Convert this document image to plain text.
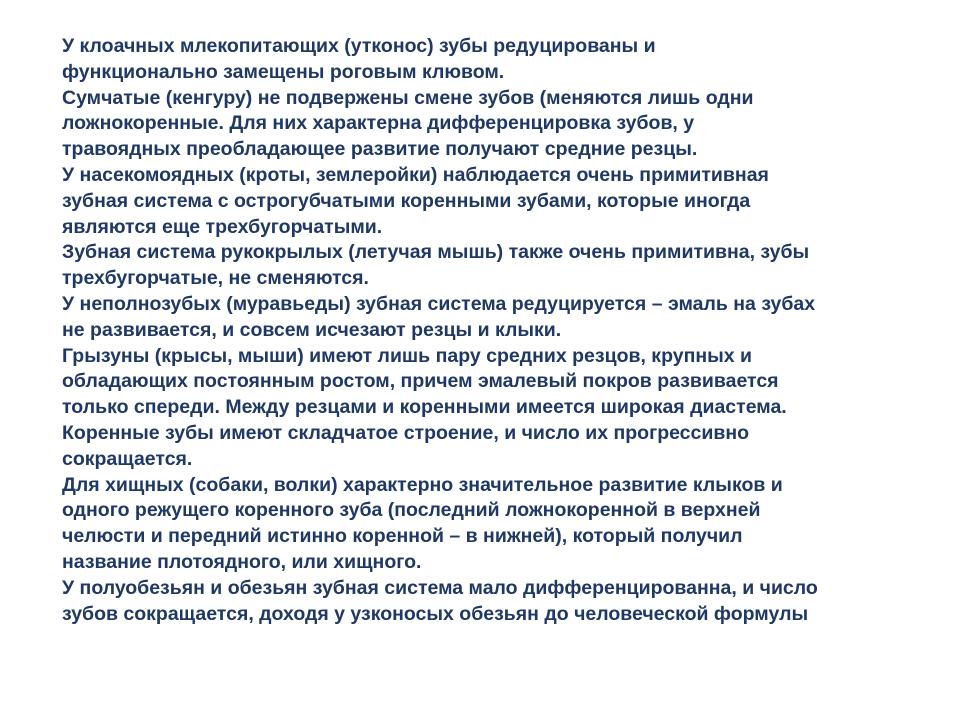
У клоачных млекопитающих (утконос) зубы редуцированы и
функционально замещены роговым клювом.

Сумчатые (кенгуру) не подвержены смене зубов (меняются лишь одни
ложнокоренные. Для них характерна дифференцировка зубов, у
травоядных преобладающее развитие получают средние резцы.

У насекомоядных (кроты, землеройки) наблюдается очень примитивная
зубная система с острогубчатыми коренными зубами, которые иногда
являются еще трехбугорчатыми.

Зубная система рукокрылых (летучая мышь) также очень примитивна, зубы
трехбугорчатые, не сменяются.

У неполнозубых (муравьеды) зубная система редуцируется – эмаль на зубах
не развивается, и совсем исчезают резцы и клыки.

Грызуны (крысы, мыши) имеют лишь пару средних резцов, крупных и
обладающих постоянным ростом, причем эмалевый покров развивается
только спереди. Между резцами и коренными имеется широкая диастема.
Коренные зубы имеют складчатое строение, и число их прогрессивно
сокращается.

Для хищных (собаки, волки) характерно значительное развитие клыков и
одного режущего коренного зуба (последний ложнокоренной в верхней
челюсти и передний истинно коренной – в нижней), который получил
название плотоядного, или хищного.

У полуобезьян и обезьян зубная система мало дифференцированна, и число
зубов сокращается, доходя у узконосых обезьян до человеческой формулы
